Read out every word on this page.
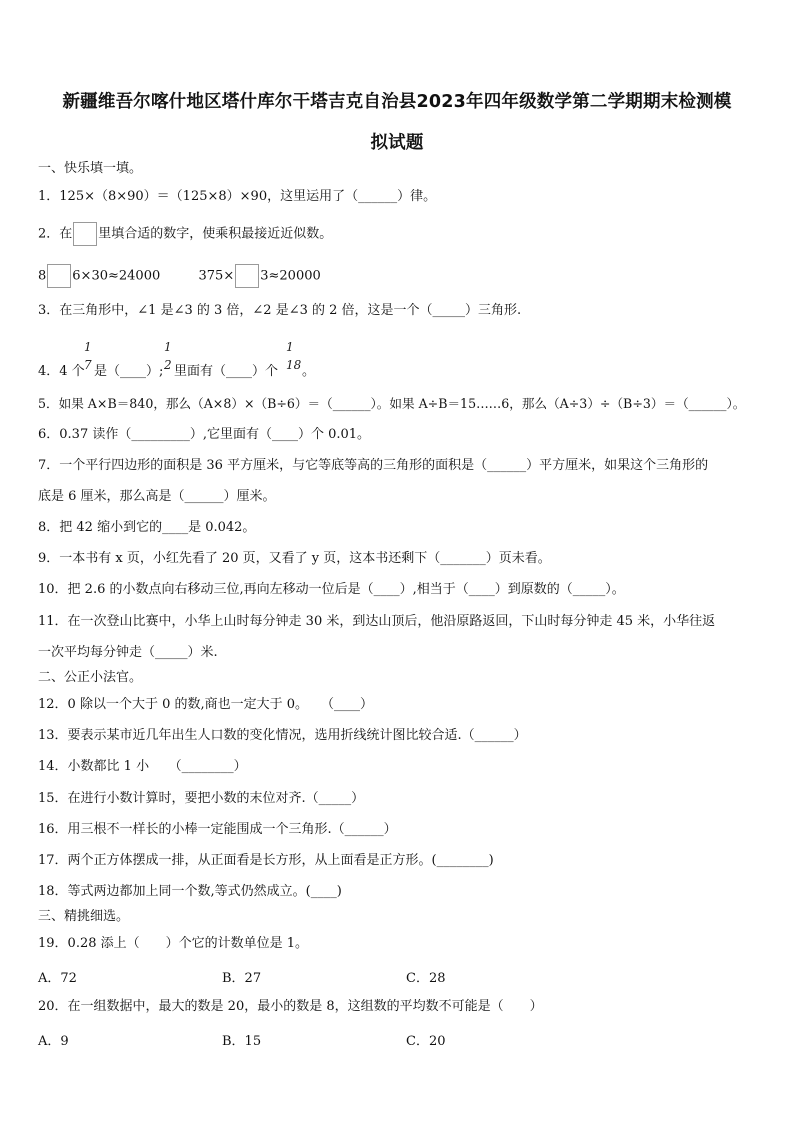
新疆维吾尔喀什地区塔什库尔干塔吉克自治县2023年四年级数学第二学期期末检测模
拟试题
一、快乐填一填。
1．125×（8×90）＝（125×8）×90，这里运用了（______）律。
2．在 里填合适的数字，使乘积最接近近似数。
8 6×30≈24000	375× 3≈20000
3．在三角形中，∠1 是∠3 的 3 倍，∠2 是∠3 的 2 倍，这是一个（_____）三角形.
4．4 个
1
7 是（____）;
1
2 里面有（____）个
1
18 。
5．如果 A×B＝840，那么（A×8）×（B÷6）＝（______）。如果 A÷B＝15……6，那么（A÷3）÷（B÷3）＝（______）。
6．0.37 读作（_________）,它里面有（____）个 0.01。
7．一个平行四边形的面积是 36 平方厘米，与它等底等高的三角形的面积是（______）平方厘米，如果这个三角形的
底是 6 厘米，那么高是（______）厘米。
8．把 42 缩小到它的____是 0.042。
9．一本书有 x 页，小红先看了 20 页，又看了 y 页，这本书还剩下（_______）页未看。
10．把 2.6 的小数点向右移动三位,再向左移动一位后是（____）,相当于（____）到原数的（_____）。
11．在一次登山比赛中，小华上山时每分钟走 30 米，到达山顶后，他沿原路返回，下山时每分钟走 45 米，小华往返
一次平均每分钟走（_____）米.
二、公正小法官。
12．0 除以一个大于 0 的数,商也一定大于 0。　　（____）
13．要表示某市近几年出生人口数的变化情况，选用折线统计图比较合适.（______）
14．小数都比 1 小　　（________）
15．在进行小数计算时，要把小数的末位对齐.（_____）
16．用三根不一样长的小棒一定能围成一个三角形.（______）
17．两个正方体摆成一排，从正面看是长方形，从上面看是正方形。(________)
18．等式两边都加上同一个数,等式仍然成立。(____)
三、精挑细选。
19．0.28 添上（　　）个它的计数单位是 1。
A．72	B．27	C．28
20．在一组数据中，最大的数是 20，最小的数是 8，这组数的平均数不可能是（　　）
A．9	B．15	C．20
